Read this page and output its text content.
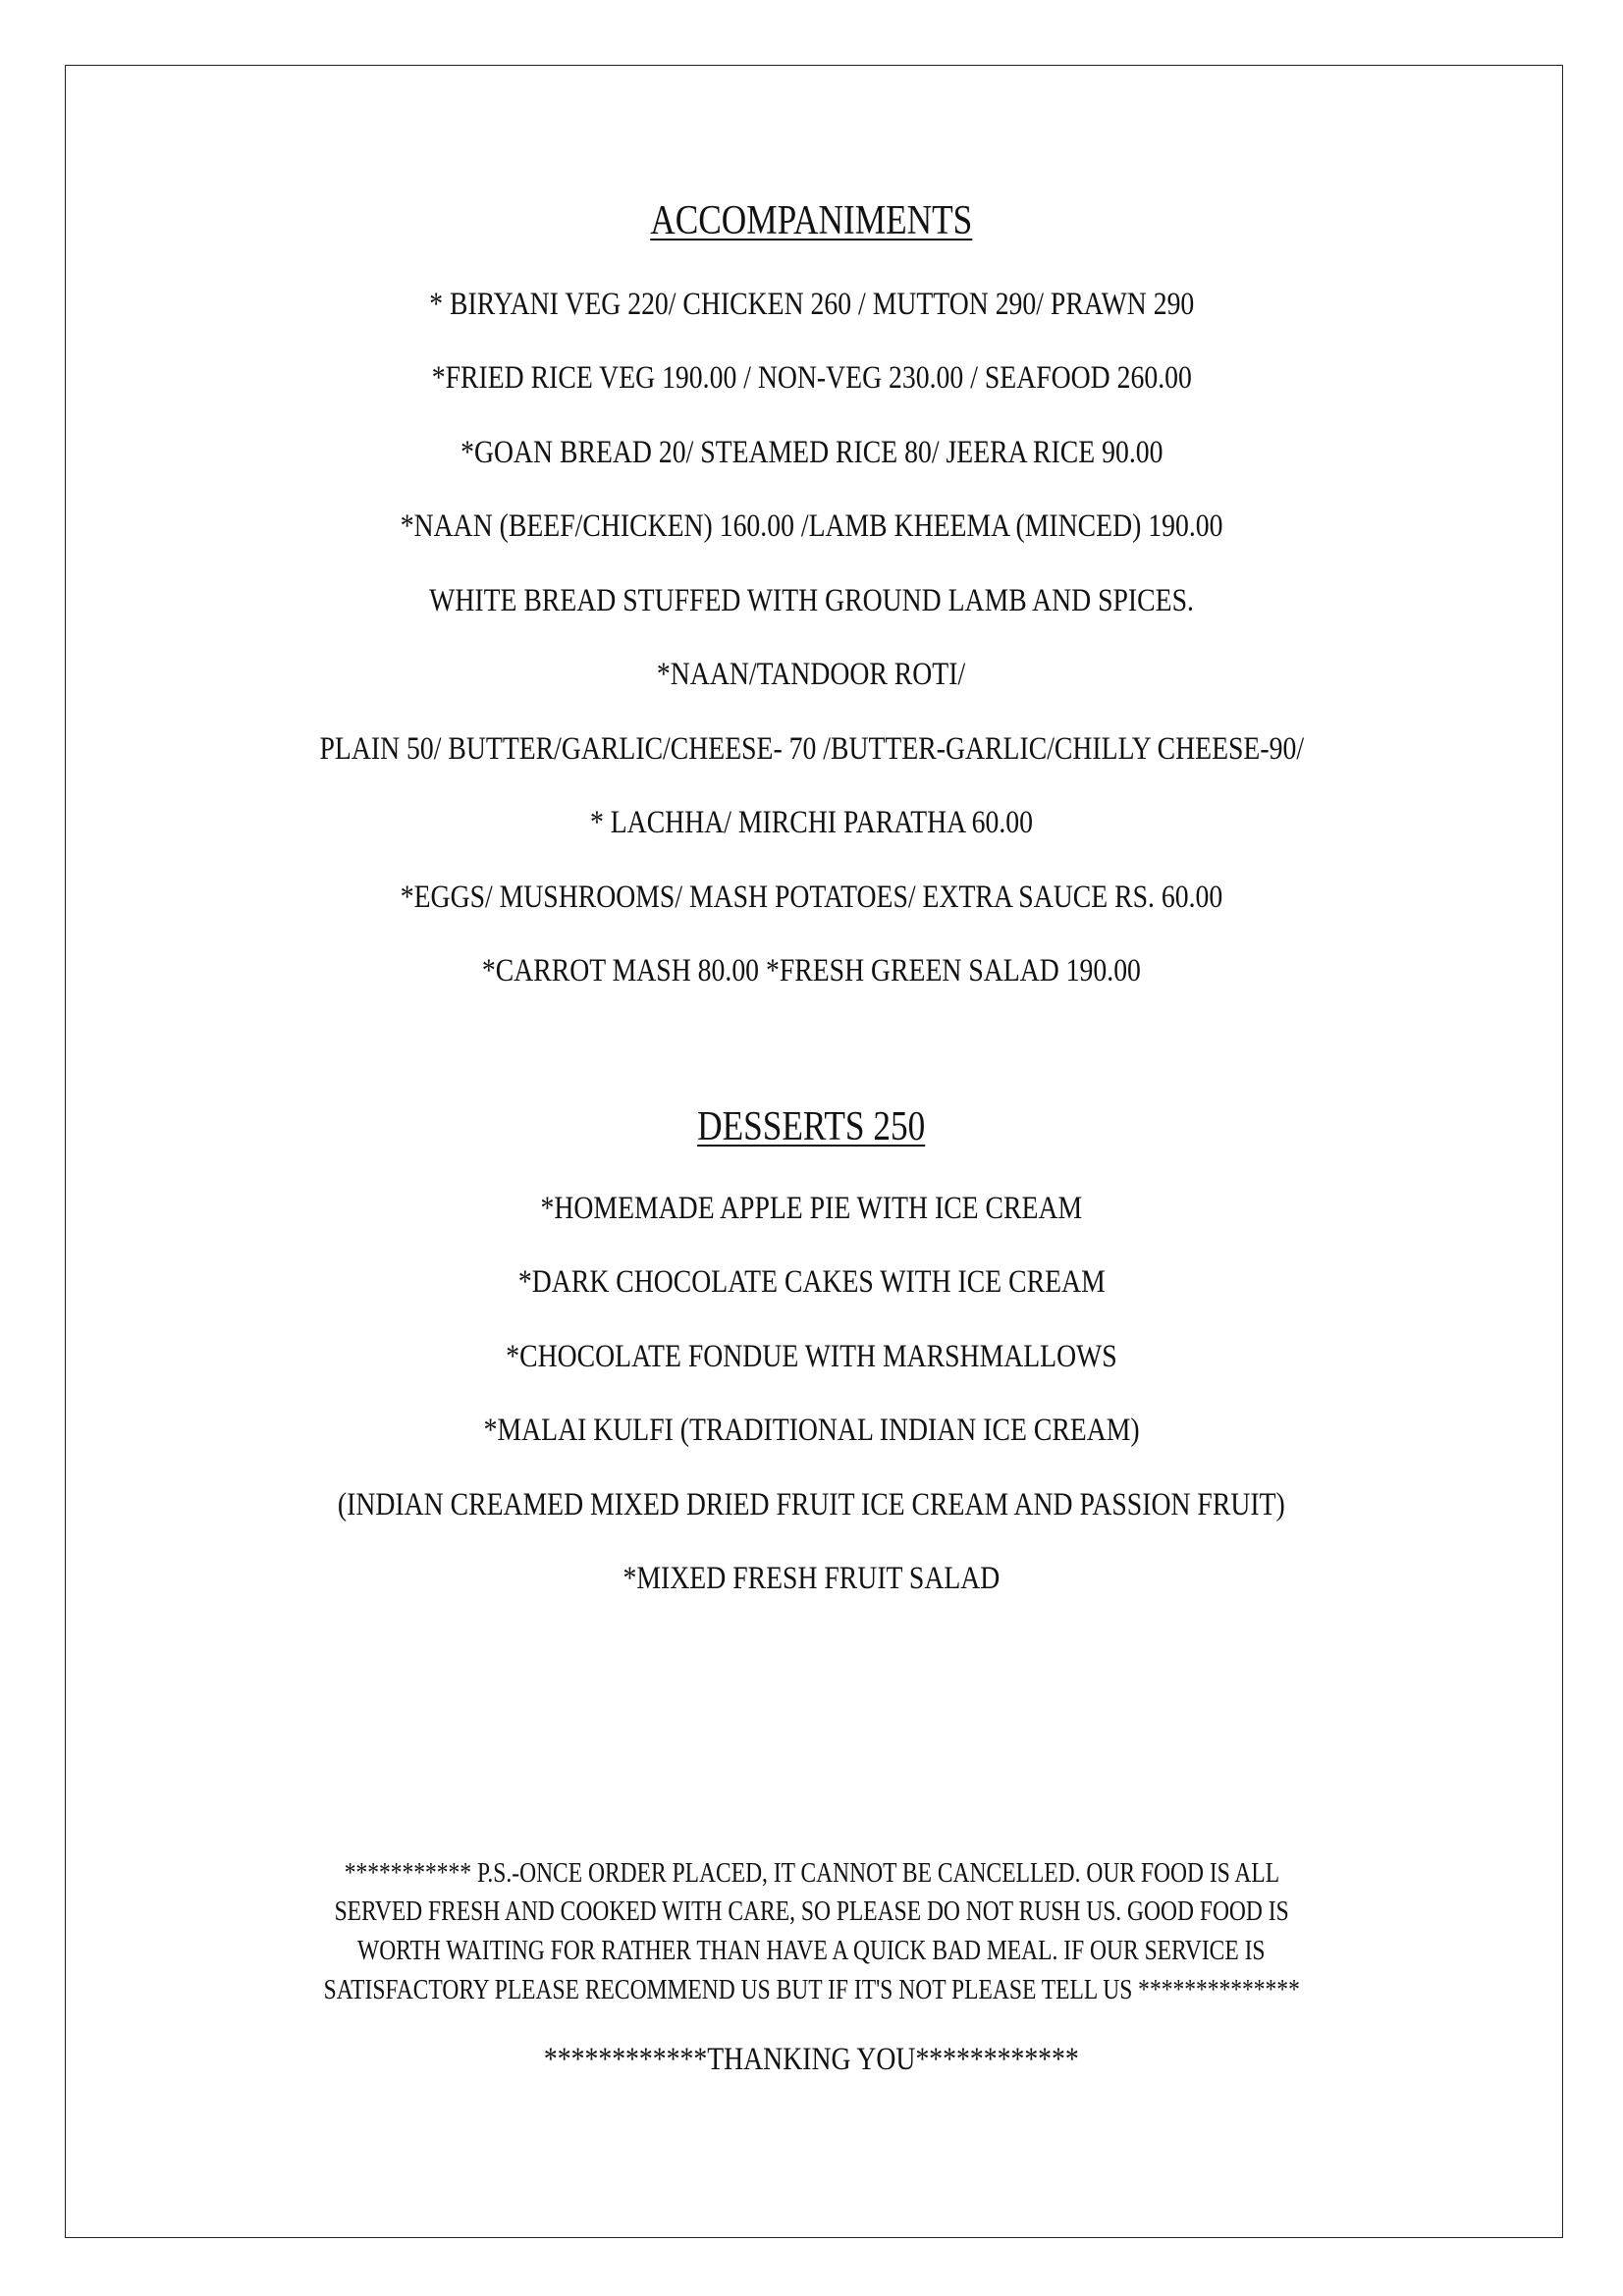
ACCOMPANIMENTS
* BIRYANI VEG 220/ CHICKEN 260 / MUTTON 290/ PRAWN 290
*FRIED RICE VEG 190.00 / NON-VEG 230.00 / SEAFOOD 260.00
*GOAN BREAD 20/ STEAMED RICE 80/ JEERA RICE 90.00
*NAAN (BEEF/CHICKEN) 160.00 /LAMB KHEEMA (MINCED) 190.00
WHITE BREAD STUFFED WITH GROUND LAMB AND SPICES.
*NAAN/TANDOOR ROTI/
PLAIN 50/ BUTTER/GARLIC/CHEESE- 70 /BUTTER-GARLIC/CHILLY CHEESE-90/
* LACHHA/ MIRCHI PARATHA 60.00
*EGGS/ MUSHROOMS/ MASH POTATOES/ EXTRA SAUCE RS. 60.00
*CARROT MASH 80.00 *FRESH GREEN SALAD 190.00
DESSERTS 250
*HOMEMADE APPLE PIE WITH ICE CREAM
*DARK CHOCOLATE CAKES WITH ICE CREAM
*CHOCOLATE FONDUE WITH MARSHMALLOWS
*MALAI KULFI (TRADITIONAL INDIAN ICE CREAM)
(INDIAN CREAMED MIXED DRIED FRUIT ICE CREAM AND PASSION FRUIT)
*MIXED FRESH FRUIT SALAD
*********** P.S.-ONCE ORDER PLACED, IT CANNOT BE CANCELLED. OUR FOOD IS ALL
SERVED FRESH AND COOKED WITH CARE, SO PLEASE DO NOT RUSH US. GOOD FOOD IS
WORTH WAITING FOR RATHER THAN HAVE A QUICK BAD MEAL. IF OUR SERVICE IS
SATISFACTORY PLEASE RECOMMEND US BUT IF IT'S NOT PLEASE TELL US **************
************THANKING YOU************
